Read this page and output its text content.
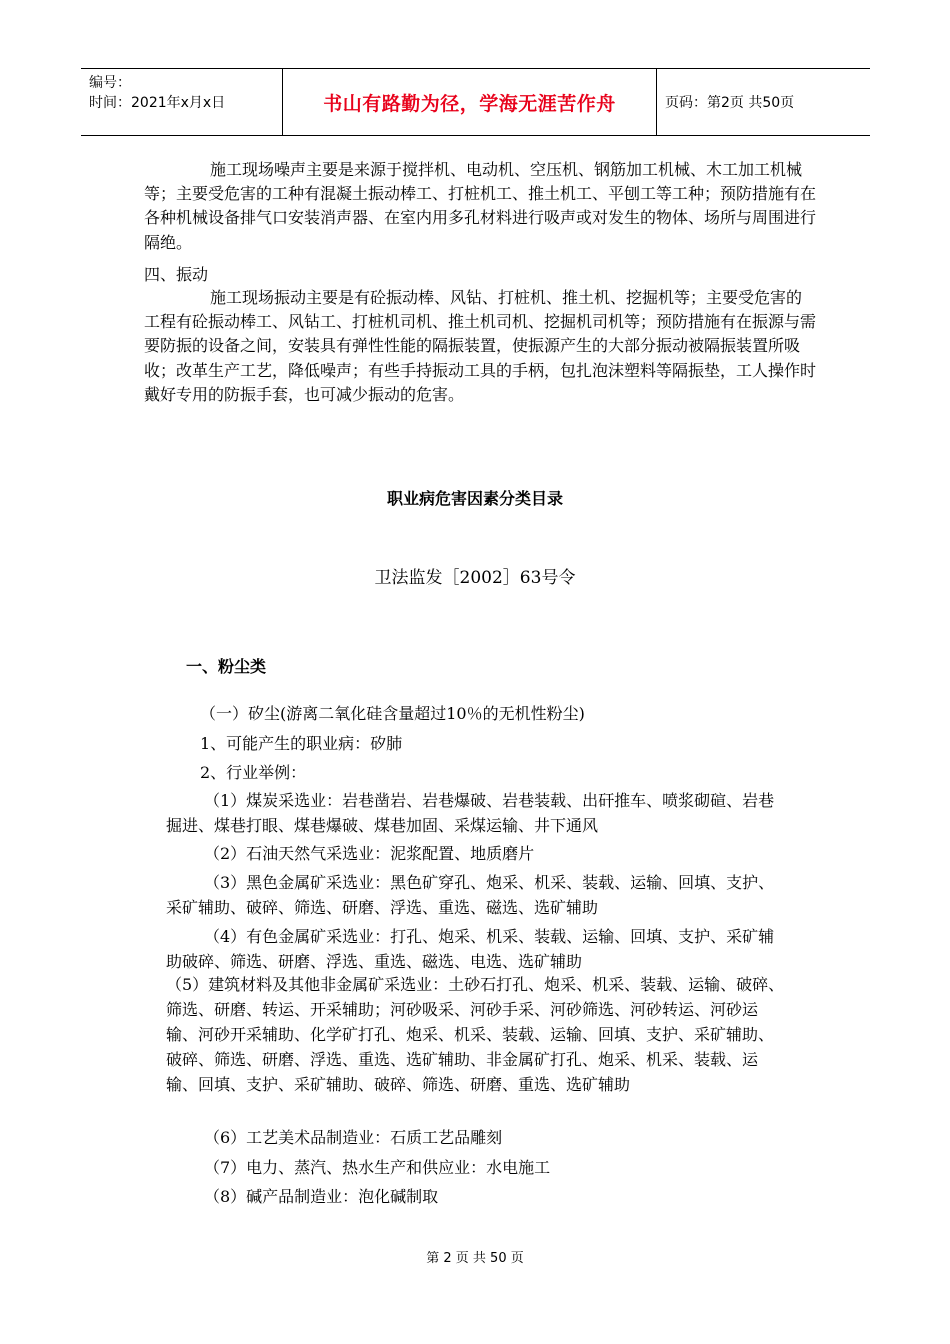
编号：
时间：2021年x月x日	书山有路勤为径，学海无涯苦作舟	页码：第2页 共50页

施工现场噪声主要是来源于搅拌机、电动机、空压机、钢筋加工机械、木工加工机械等；主要受危害的工种有混凝土振动棒工、打桩机工、推土机工、平刨工等工种；预防措施有在各种机械设备排气口安装消声器、在室内用多孔材料进行吸声或对发生的物体、场所与周围进行隔绝。

四、振动

施工现场振动主要是有砼振动棒、风钻、打桩机、推土机、挖掘机等；主要受危害的工程有砼振动棒工、风钻工、打桩机司机、推土机司机、挖掘机司机等；预防措施有在振源与需要防振的设备之间，安装具有弹性性能的隔振装置，使振源产生的大部分振动被隔振装置所吸收；改革生产工艺，降低噪声；有些手持振动工具的手柄，包扎泡沫塑料等隔振垫，工人操作时戴好专用的防振手套，也可减少振动的危害。

职业病危害因素分类目录
卫法监发［2002］63号令
一、粉尘类
（一）矽尘(游离二氧化硅含量超过10％的无机性粉尘)
1、可能产生的职业病：矽肺
2、行业举例：

（1）煤炭采选业：岩巷凿岩、岩巷爆破、岩巷装载、出矸推车、喷浆砌碹、岩巷掘进、煤巷打眼、煤巷爆破、煤巷加固、采煤运输、井下通风

（2）石油天然气采选业：泥浆配置、地质磨片

（3）黑色金属矿采选业：黑色矿穿孔、炮采、机采、装载、运输、回填、支护、采矿辅助、破碎、筛选、研磨、浮选、重选、磁选、选矿辅助

（4）有色金属矿采选业：打孔、炮采、机采、装载、运输、回填、支护、采矿辅助破碎、筛选、研磨、浮选、重选、磁选、电选、选矿辅助

（5）建筑材料及其他非金属矿采选业：土砂石打孔、炮采、机采、装载、运输、破碎、筛选、研磨、转运、开采辅助；河砂吸采、河砂手采、河砂筛选、河砂转运、河砂运输、河砂开采辅助、化学矿打孔、炮采、机采、装载、运输、回填、支护、采矿辅助、破碎、筛选、研磨、浮选、重选、选矿辅助、非金属矿打孔、炮采、机采、装载、运输、回填、支护、采矿辅助、破碎、筛选、研磨、重选、选矿辅助

（6）工艺美术品制造业：石质工艺品雕刻
（7）电力、蒸汽、热水生产和供应业：水电施工
（8）碱产品制造业：泡化碱制取
第 2 页 共 50 页
